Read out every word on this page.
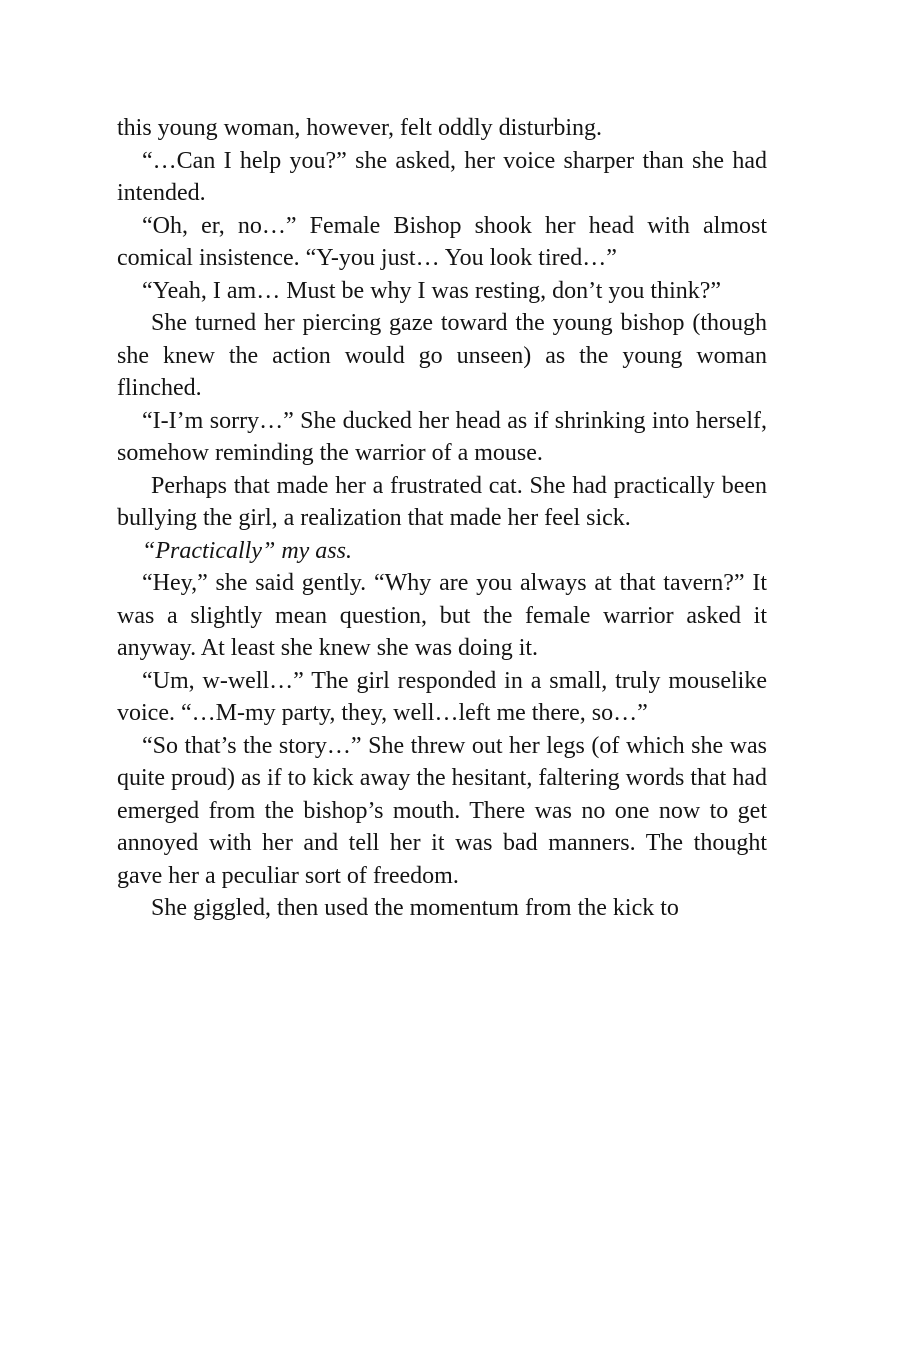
this young woman, however, felt oddly disturbing.

“…Can I help you?” she asked, her voice sharper than she had intended.

“Oh, er, no…” Female Bishop shook her head with almost comical insistence. “Y-you just… You look tired…”

“Yeah, I am… Must be why I was resting, don’t you think?”

She turned her piercing gaze toward the young bishop (though she knew the action would go unseen) as the young woman flinched.

“I-I’m sorry…” She ducked her head as if shrinking into herself, somehow reminding the warrior of a mouse.

Perhaps that made her a frustrated cat. She had practically been bullying the girl, a realization that made her feel sick.

“Practically” my ass.

“Hey,” she said gently. “Why are you always at that tavern?” It was a slightly mean question, but the female warrior asked it anyway. At least she knew she was doing it.

“Um, w-well…” The girl responded in a small, truly mouselike voice. “…M-my party, they, well…left me there, so…”

“So that’s the story…” She threw out her legs (of which she was quite proud) as if to kick away the hesitant, faltering words that had emerged from the bishop’s mouth. There was no one now to get annoyed with her and tell her it was bad manners. The thought gave her a peculiar sort of freedom.

She giggled, then used the momentum from the kick to
